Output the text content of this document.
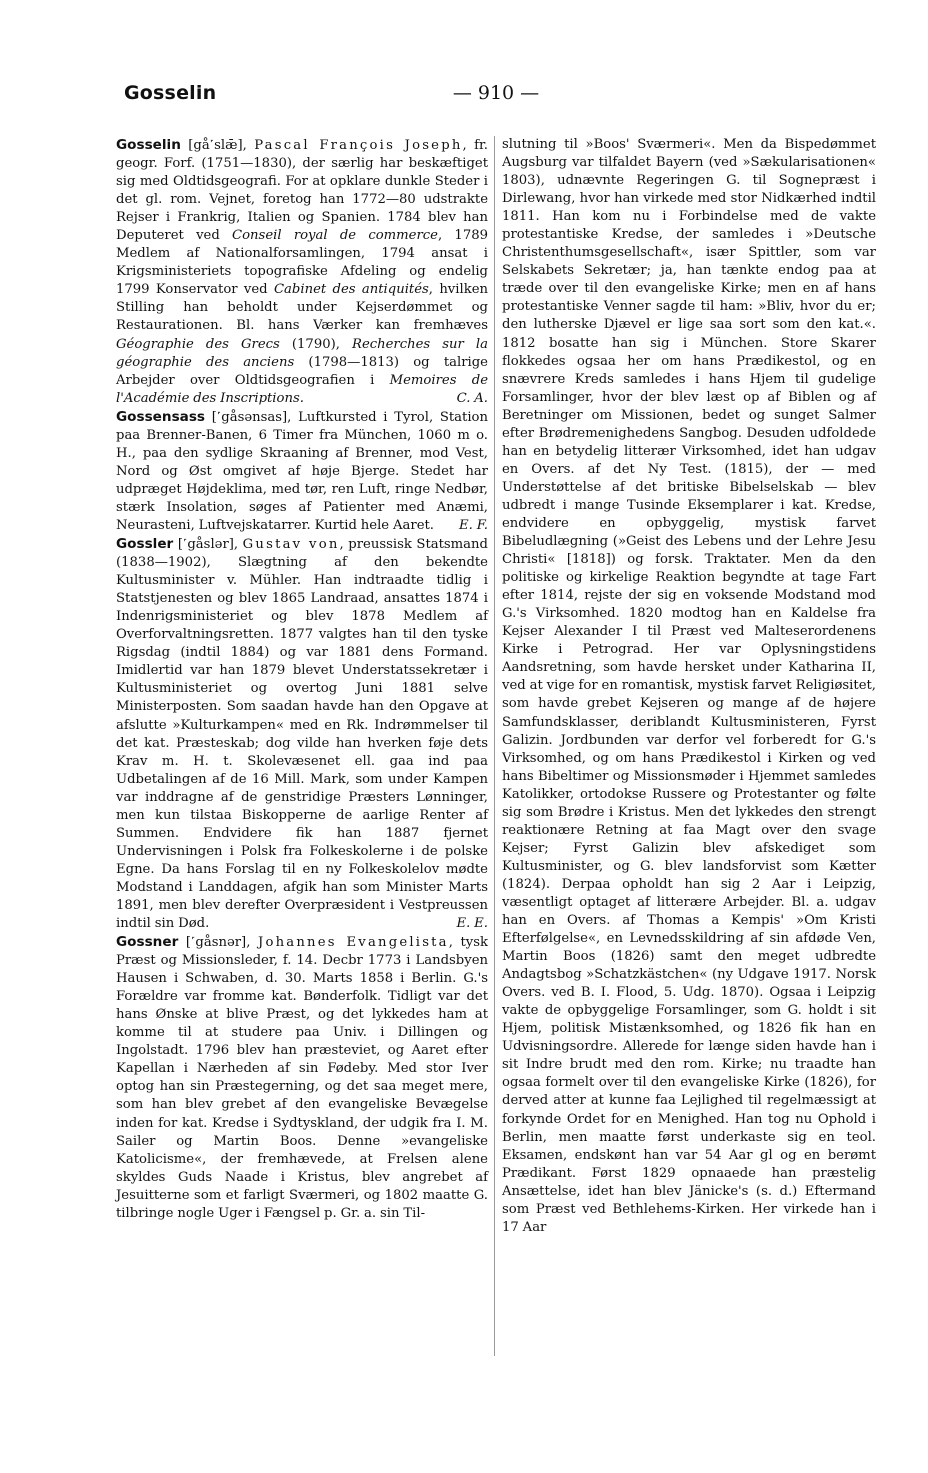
Gosselin	— 910 —

Gosselin [gå˹slǣ], Pascal François Joseph, fr. geogr. Forf. (1751—1830), der særlig har beskæftiget sig med Oldtidsgeografi. For at opklare dunkle Steder i det gl. rom. Vejnet, foretog han 1772—80 udstrakte Rejser i Frankrig, Italien og Spanien. 1784 blev han Deputeret ved Conseil royal de commerce, 1789 Medlem af Nationalforsamlingen, 1794 ansat i Krigsministeriets topografiske Afdeling og endelig 1799 Konservator ved Cabinet des antiquités, hvilken Stilling han beholdt under Kejserdømmet og Restaurationen. Bl. hans Værker kan fremhæves Géographie des Grecs (1790), Recherches sur la géographie des anciens (1798—1813) og talrige Arbejder over Oldtidsgeografien i Memoires de l'Académie des Inscriptions.	C. A.

Gossensass [˹gåsənsas], Luftkursted i Tyrol, Station paa Brenner-Banen, 6 Timer fra München, 1060 m o. H., paa den sydlige Skraaning af Brenner, mod Vest, Nord og Øst omgivet af høje Bjerge. Stedet har udpræget Højdeklima, med tør, ren Luft, ringe Nedbør, stærk Insolation, søges af Patienter med Anæmi, Neurasteni, Luftvejskatarrer. Kurtid hele Aaret.	E. F.

Gossler [˹gåslər], Gustav von, preussisk Statsmand (1838—1902), Slægtning af den bekendte Kultusminister v. Mühler. Han indtraadte tidlig i Statstjenesten og blev 1865 Landraad, ansattes 1874 i Indenrigsministeriet og blev 1878 Medlem af Overforvaltningsretten. 1877 valgtes han til den tyske Rigsdag (indtil 1884) og var 1881 dens Formand. Imidlertid var han 1879 blevet Understatssekretær i Kultusministeriet og overtog Juni 1881 selve Ministerposten. Som saadan havde han den Opgave at afslutte »Kulturkampen« med en Rk. Indrømmelser til det kat. Præsteskab; dog vilde han hverken føje dets Krav m. H. t. Skolevæsenet ell. gaa ind paa Udbetalingen af de 16 Mill. Mark, som under Kampen var inddragne af de genstridige Præsters Lønninger, men kun tilstaa Biskopperne de aarlige Renter af Summen. Endvidere fik han 1887 fjernet Undervisningen i Polsk fra Folkeskolerne i de polske Egne. Da hans Forslag til en ny Folkeskolelov mødte Modstand i Landdagen, afgik han som Minister Marts 1891, men blev derefter Overpræsident i Vestpreussen indtil sin Død.	E. E.

Gossner [˹gåsnər], Johannes Evangelista, tysk Præst og Missionsleder, f. 14. Decbr 1773 i Landsbyen Hausen i Schwaben, d. 30. Marts 1858 i Berlin. G.'s Forældre var fromme kat. Bønderfolk. Tidligt var det hans Ønske at blive Præst, og det lykkedes ham at komme til at studere paa Univ. i Dillingen og Ingolstadt. 1796 blev han præsteviet, og Aaret efter Kapellan i Nærheden af sin Fødeby. Med stor Iver optog han sin Præstegerning, og det saa meget mere, som han blev grebet af den evangeliske Bevægelse inden for kat. Kredse i Sydtyskland, der udgik fra I. M. Sailer og Martin Boos. Denne »evangeliske Katolicisme«, der fremhævede, at Frelsen alene skyldes Guds Naade i Kristus, blev angrebet af Jesuitterne som et farligt Sværmeri, og 1802 maatte G. tilbringe nogle Uger i Fængsel p. Gr. a. sin Til-

slutning til »Boos' Sværmeri«. Men da Bispedømmet Augsburg var tilfaldet Bayern (ved »Sækularisationen« 1803), udnævnte Regeringen G. til Sognepræst i Dirlewang, hvor han virkede med stor Nidkærhed indtil 1811. Han kom nu i Forbindelse med de vakte protestantiske Kredse, der samledes i »Deutsche Christenthumsgesellschaft«, især Spittler, som var Selskabets Sekretær; ja, han tænkte endog paa at træde over til den evangeliske Kirke; men en af hans protestantiske Venner sagde til ham: »Bliv, hvor du er; den lutherske Djævel er lige saa sort som den kat.«. 1812 bosatte han sig i München. Store Skarer flokkedes ogsaa her om hans Prædikestol, og en snævrere Kreds samledes i hans Hjem til gudelige Forsamlinger, hvor der blev læst op af Biblen og af Beretninger om Missionen, bedet og sunget Salmer efter Brødremenighedens Sangbog. Desuden udfoldede han en betydelig litterær Virksomhed, idet han udgav en Overs. af det Ny Test. (1815), der — med Understøttelse af det britiske Bibelselskab — blev udbredt i mange Tusinde Eksemplarer i kat. Kredse, endvidere en opbyggelig, mystisk farvet Bibeludlægning (»Geist des Lebens und der Lehre Jesu Christi« [1818]) og forsk. Traktater. Men da den politiske og kirkelige Reaktion begyndte at tage Fart efter 1814, rejste der sig en voksende Modstand mod G.'s Virksomhed. 1820 modtog han en Kaldelse fra Kejser Alexander I til Præst ved Malteserordenens Kirke i Petrograd. Her var Oplysningstidens Aandsretning, som havde hersket under Katharina II, ved at vige for en romantisk, mystisk farvet Religiøsitet, som havde grebet Kejseren og mange af de højere Samfundsklasser, deriblandt Kultusministeren, Fyrst Galizin. Jordbunden var derfor vel forberedt for G.'s Virksomhed, og om hans Prædikestol i Kirken og ved hans Bibeltimer og Missionsmøder i Hjemmet samledes Katolikker, ortodokse Russere og Protestanter og følte sig som Brødre i Kristus. Men det lykkedes den strengt reaktionære Retning at faa Magt over den svage Kejser; Fyrst Galizin blev afskediget som Kultusminister, og G. blev landsforvist som Kætter (1824). Derpaa opholdt han sig 2 Aar i Leipzig, væsentligt optaget af litterære Arbejder. Bl. a. udgav han en Overs. af Thomas a Kempis' »Om Kristi Efterfølgelse«, en Levnedsskildring af sin afdøde Ven, Martin Boos (1826) samt den meget udbredte Andagtsbog »Schatzkästchen« (ny Udgave 1917. Norsk Overs. ved B. I. Flood, 5. Udg. 1870). Ogsaa i Leipzig vakte de opbyggelige Forsamlinger, som G. holdt i sit Hjem, politisk Mistænksomhed, og 1826 fik han en Udvisningsordre. Allerede for længe siden havde han i sit Indre brudt med den rom. Kirke; nu traadte han ogsaa formelt over til den evangeliske Kirke (1826), for derved atter at kunne faa Lejlighed til regelmæssigt at forkynde Ordet for en Menighed. Han tog nu Ophold i Berlin, men maatte først underkaste sig en teol. Eksamen, endskønt han var 54 Aar gl og en berømt Prædikant. Først 1829 opnaaede han præstelig Ansættelse, idet han blev Jänicke's (s. d.) Eftermand som Præst ved Bethlehems-Kirken. Her virkede han i 17 Aar
